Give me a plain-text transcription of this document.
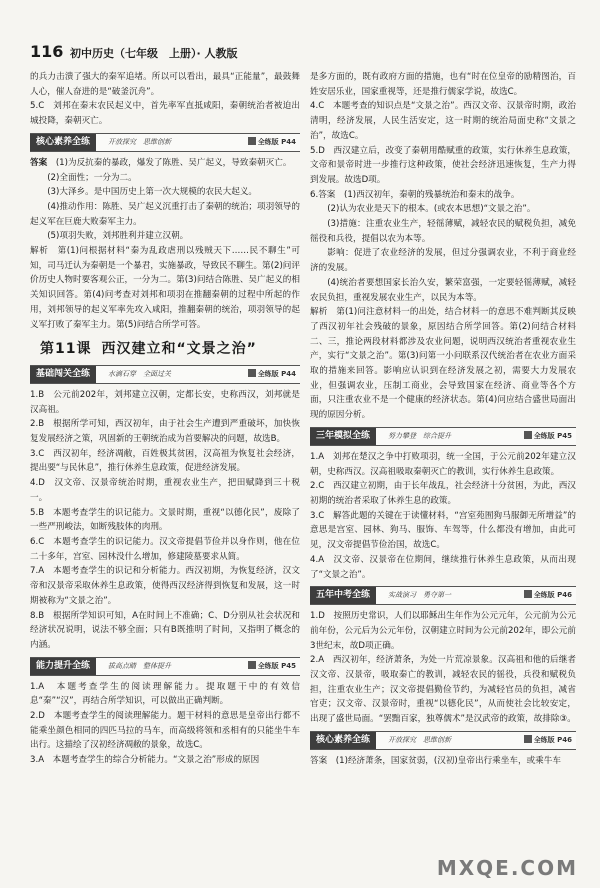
116 初中历史（七年级　上册）· 人教版

的兵力击溃了强大的秦军追堵。所以可以看出，最具“正能量”，最鼓舞人心，催人奋进的是“破釜沉舟”。

5.C　刘邦在秦末农民起义中，首先率军直抵咸阳，秦朝统治者被迫出城投降，秦朝灭亡。

核心素养全练	开放探究　思维创新	全练版 P44

答案　 (1)为反抗秦的暴政，爆发了陈胜、吴广起义，导致秦朝灭亡。

(2)全面性；一分为二。

(3)大泽乡。是中国历史上第一次大规模的农民大起义。

(4)推动作用：陈胜、吴广起义沉重打击了秦朝的统治；项羽领导的起义军在巨鹿大败秦军主力。

(5)项羽失败，刘邦胜利并建立汉朝。

解析　第(1)问根据材料“秦为乱政虐刑以残贼天下……民不聊生”可知，司马迁认为秦朝是一个暴君，实施暴政，导致民不聊生。第(2)问评价历史人物时要客观公正，一分为二。第(3)问结合陈胜、吴广起义的相关知识回答。第(4)问考查对刘邦和项羽在推翻秦朝的过程中所起的作用，刘邦领导的起义军率先攻入咸阳，推翻秦朝的统治，项羽领导的起义军打败了秦军主力。第(5)问结合所学可答。

第11课 西汉建立和“文景之治”
基础闯关全练	水滴石穿　全面过关	全练版 P44

1.B　公元前202年，刘邦建立汉朝，定都长安，史称西汉，刘邦就是汉高祖。

2.B　根据所学可知，西汉初年，由于社会生产遭到严重破坏，加快恢复发展经济之策，巩固新的王朝统治成为首要解决的问题，故选B。

3.C　西汉初年，经济凋敝，百姓极其贫困，汉高祖为恢复社会经济，提出要“与民休息”，推行休养生息政策，促进经济发展。

4.D　汉文帝、汉景帝统治时期，重视农业生产，把田赋降到三十税一。

5.B　本题考查学生的识记能力。文景时期，重视“以德化民”，废除了一些严刑峻法，如断残肢体的肉刑。

6.C　本题考查学生的识记能力。汉文帝提倡节俭并以身作则，他在位二十多年，宫室、园林没什么增加，修建陵墓要求从简。

7.A　本题考查学生的识记和分析能力。西汉初期，为恢复经济，汉文帝和汉景帝采取休养生息政策，使得西汉经济得到恢复和发展，这一时期被称为“文景之治”。

8.B　根据所学知识可知，A在时间上不准确；C、D分别从社会状况和经济状况说明，说法不够全面；只有B既推明了时间，又指明了概念的内涵。

能力提升全练	拔高点睛　整体提升	全练版 P45

1.A　本题考查学生的阅读理解能力。提取题干中的有效信息“秦”“汉”，再结合所学知识，可以做出正确判断。

2.D　本题考查学生的阅读理解能力。题干材料的意思是皇帝出行都不能乘坐颜色相同的四匹马拉的马车，而高级将领和丞相有的只能坐牛车出行。这描绘了汉初经济凋敝的景象，故选C。

3.A　本题考查学生的综合分析能力。“文景之治”形成的原因

是多方面的，既有政府方面的措施，也有“时在位皇帝的励精图治，百姓安居乐业，国家重视等，还是推行儒家学说，故选C。

4.C　本题考查的知识点是“文景之治”。西汉文帝、汉景帝时期，政治清明，经济发展，人民生活安定，这一时期的统治局面史称“文景之治”，故选C。

5.D　西汉建立后，改变了秦朝用酷赋重的政策，实行休养生息政策，文帝和景帝时进一步推行这种政策，使社会经济迅速恢复，生产力得到发展。故选D项。

6.答案　(1)西汉初年，秦朝的残暴统治和秦末的战争。

(2)认为农业是天下的根本。(或农本思想)“文景之治”。

(3)措施：注重农业生产，轻徭薄赋，减轻农民的赋税负担，减免徭役和兵役，提倡以农为本等。

影响：促进了农业经济的发展，但过分强调农业，不利于商业经济的发展。

(4)统治者要想国家长治久安，繁荣富强，一定要轻徭薄赋，减轻农民负担，重视发展农业生产，以民为本等。

解析　第(1)问注意材料一的出处，结合材料一的意思不难判断其反映了西汉初年社会残破的景象，原因结合所学回答。第(2)问结合材料二、三，推论两段材料都涉及农业问题，说明西汉统治者重视农业生产，实行“文景之治”。第(3)问第一小问联系汉代统治者在农业方面采取的措施来回答。影响应认识到在经济发展之初，需要大力发展农业，但强调农业，压制工商业，会导致国家在经济、商业等各个方面，只注重农业不是一个健康的经济状态。第(4)问应结合盛世局面出现的原因分析。

三年模拟全练	努力攀登　综合提升	全练版 P45

1.A　刘邦在楚汉之争中打败项羽，统一全国，于公元前202年建立汉朝，史称西汉。汉高祖吸取秦朝灭亡的教训，实行休养生息政策。

2.C　西汉建立初期，由于长年战乱，社会经济十分贫困，为此，西汉初期的统治者采取了休养生息的政策。

3.C　解答此题的关键在于读懂材料，“宫室苑囿狗马服御无所增益”的意思是宫室、园林、狗马、服饰、车驾等，什么都没有增加，由此可见，汉文帝提倡节俭治国，故选C。

4.A　汉文帝、汉景帝在位期间，继续推行休养生息政策，从而出现了“文景之治”。

五年中考全练	实战演习　勇夺第一	全练版 P46

1.D　按照历史常识，人们以耶稣出生年作为公元元年，公元前为公元前年份，公元后为公元年份，汉朝建立时间为公元前202年，即公元前3世纪末，故D项正确。

2.A　西汉初年，经济萧条，为处一片荒凉景象。汉高祖和他的后继者汉文帝、汉景帝，吸取秦亡的教训，减轻农民的徭役，兵役和赋税负担，注重农业生产；汉文帝提倡勤俭节约，为减轻官员的负担，减省官吏；汉文帝、汉景帝时，重视“以德化民”，从而使社会比较安定，出现了盛世局面。“罢黜百家，独尊儒术”是汉武帝的政策，故排除③。

核心素养全练	开放探究　思维创新	全练版 P46

答案　(1)经济萧条，国家贫弱，(汉初)皇帝出行乘坐车，或乘牛车

MXQE.COM
